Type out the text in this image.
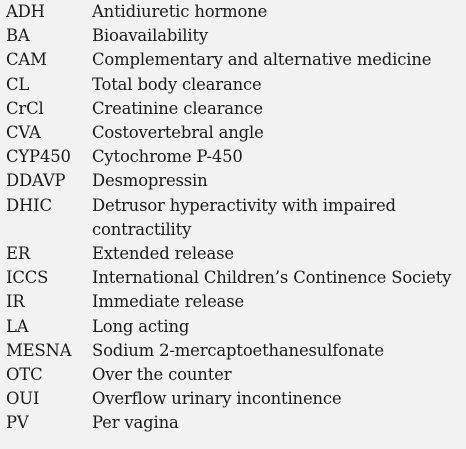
ADH	Antidiuretic hormone
BA	Bioavailability
CAM	Complementary and alternative medicine
CL	Total body clearance
CrCl	Creatinine clearance
CVA	Costovertebral angle
CYP450	Cytochrome P-450
DDAVP	Desmopressin
DHIC	Detrusor hyperactivity with impaired
contractility
ER	Extended release
ICCS	International Children’s Continence Society
IR	Immediate release
LA	Long acting
MESNA	Sodium 2-mercaptoethanesulfonate
OTC	Over the counter
OUI	Overflow urinary incontinence
PV	Per vagina
